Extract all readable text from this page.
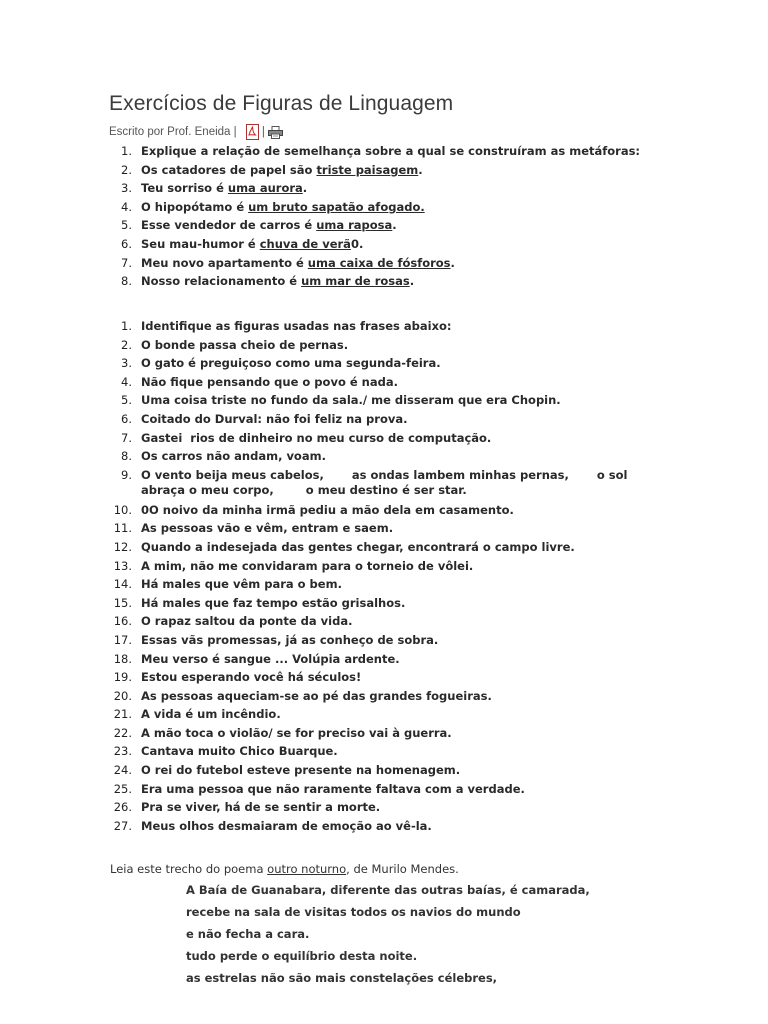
Exercícios de Figuras de Linguagem
Escrito por Prof. Eneida |
|
1. Explique a relação de semelhança sobre a qual se construíram as metáforas:
2. Os catadores de papel são triste paisagem.
3. Teu sorriso é uma aurora.
4. O hipopótamo é um bruto sapatão afogado.
5. Esse vendedor de carros é uma raposa.
6. Seu mau-humor é chuva de verã0.
7. Meu novo apartamento é uma caixa de fósforos.
8. Nosso relacionamento é um mar de rosas.
1. Identifique as figuras usadas nas frases abaixo:
2. O bonde passa cheio de pernas.
3. O gato é preguiçoso como uma segunda-feira.
4. Não fique pensando que o povo é nada.
5. Uma coisa triste no fundo da sala./ me disseram que era Chopin.
6. Coitado do Durval: não foi feliz na prova.
7. Gastei  rios de dinheiro no meu curso de computação.
8. Os carros não andam, voam.
9. O vento beija meus cabelos,       as ondas lambem minhas pernas,       o sol
abraça o meu corpo,        o meu destino é ser star.
10. 0O noivo da minha irmã pediu a mão dela em casamento.
11. As pessoas vão e vêm, entram e saem.
12. Quando a indesejada das gentes chegar, encontrará o campo livre.
13. A mim, não me convidaram para o torneio de vôlei.
14. Há males que vêm para o bem.
15. Há males que faz tempo estão grisalhos.
16. O rapaz saltou da ponte da vida.
17. Essas vãs promessas, já as conheço de sobra.
18. Meu verso é sangue ... Volúpia ardente.
19. Estou esperando você há séculos!
20. As pessoas aqueciam-se ao pé das grandes fogueiras.
21. A vida é um incêndio.
22. A mão toca o violão/ se for preciso vai à guerra.
23. Cantava muito Chico Buarque.
24. O rei do futebol esteve presente na homenagem.
25. Era uma pessoa que não raramente faltava com a verdade.
26. Pra se viver, há de se sentir a morte.
27. Meus olhos desmaiaram de emoção ao vê-la.
Leia este trecho do poema outro noturno, de Murilo Mendes.
A Baía de Guanabara, diferente das outras baías, é camarada,
recebe na sala de visitas todos os navios do mundo
e não fecha a cara.
tudo perde o equilíbrio desta noite.
as estrelas não são mais constelações célebres,
